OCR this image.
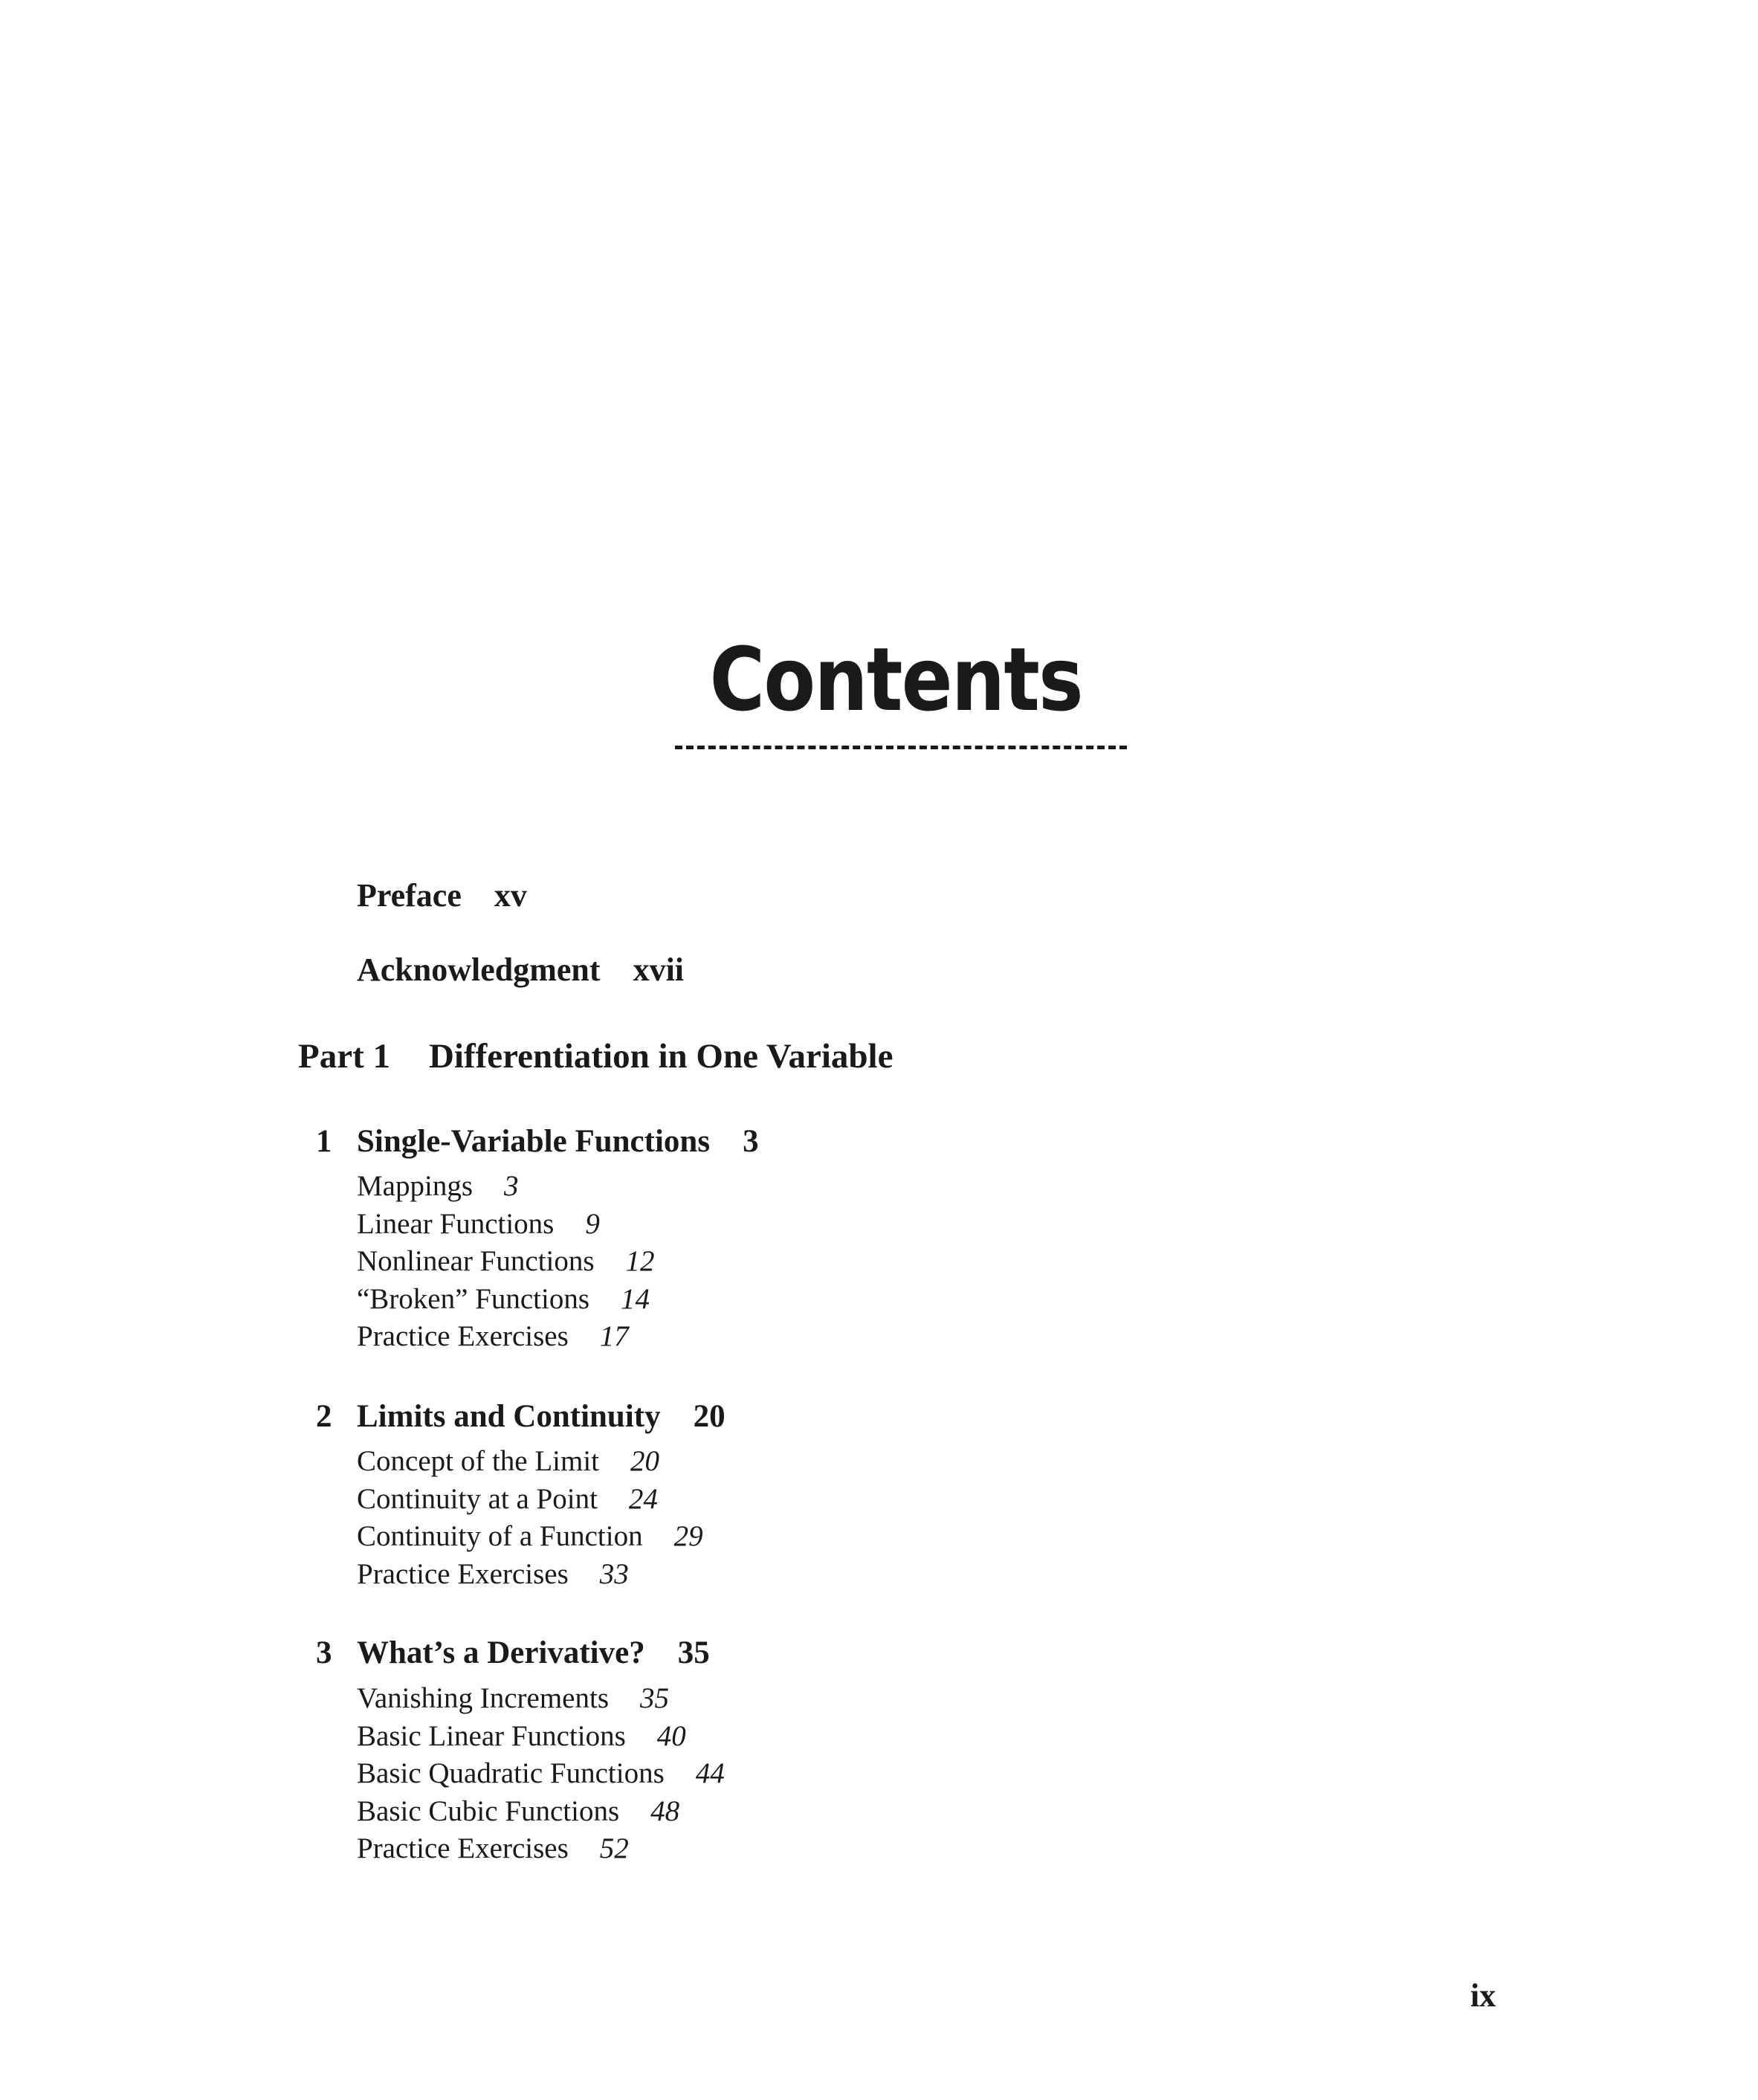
Contents
Preface xv
Acknowledgment xvii
Part 1 Differentiation in One Variable
1 Single-Variable Functions 3
Mappings 3
Linear Functions 9
Nonlinear Functions 12
“Broken” Functions 14
Practice Exercises 17
2 Limits and Continuity 20
Concept of the Limit 20
Continuity at a Point 24
Continuity of a Function 29
Practice Exercises 33
3 What’s a Derivative? 35
Vanishing Increments 35
Basic Linear Functions 40
Basic Quadratic Functions 44
Basic Cubic Functions 48
Practice Exercises 52
ix
